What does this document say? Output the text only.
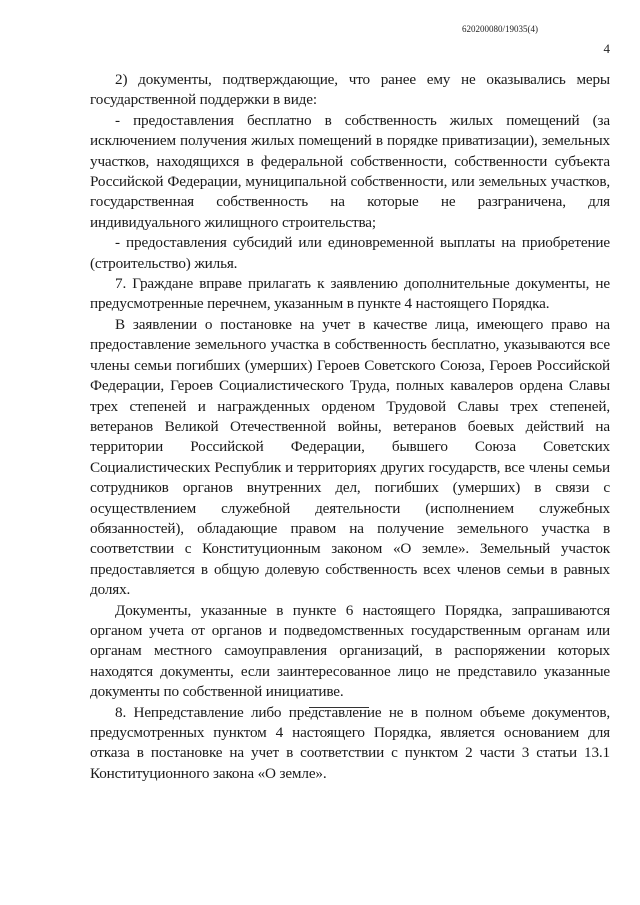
620200080/19035(4)
4

2) документы, подтверждающие, что ранее ему не оказывались меры государственной поддержки в виде:

- предоставления бесплатно в собственность жилых помещений (за исключением получения жилых помещений в порядке приватизации), земельных участков, находящихся в федеральной собственности, собственности субъекта Российской Федерации, муниципальной собственности, или земельных участков, государственная собственность на которые не разграничена, для индивидуального жилищного строительства;

- предоставления субсидий или единовременной выплаты на приобретение (строительство) жилья.

7. Граждане вправе прилагать к заявлению дополнительные документы, не предусмотренные перечнем, указанным в пункте 4 настоящего Порядка.

В заявлении о постановке на учет в качестве лица, имеющего право на предоставление земельного участка в собственность бесплатно, указываются все члены семьи погибших (умерших) Героев Советского Союза, Героев Российской Федерации, Героев Социалистического Труда, полных кавалеров ордена Славы трех степеней и награжденных орденом Трудовой Славы трех степеней, ветеранов Великой Отечественной войны, ветеранов боевых действий на территории Российской Федерации, бывшего Союза Советских Социалистических Республик и территориях других государств, все члены семьи сотрудников органов внутренних дел, погибших (умерших) в связи с осуществлением служебной деятельности (исполнением служебных обязанностей), обладающие правом на получение земельного участка в соответствии с Конституционным законом «О земле». Земельный участок предоставляется в общую долевую собственность всех членов семьи в равных долях.

Документы, указанные в пункте 6 настоящего Порядка, запрашиваются органом учета от органов и подведомственных государственным органам или органам местного самоуправления организаций, в распоряжении которых находятся документы, если заинтересованное лицо не представило указанные документы по собственной инициативе.

8. Непредставление либо представление не в полном объеме документов, предусмотренных пунктом 4 настоящего Порядка, является основанием для отказа в постановке на учет в соответствии с пунктом 2 части 3 статьи 13.1 Конституционного закона «О земле».
